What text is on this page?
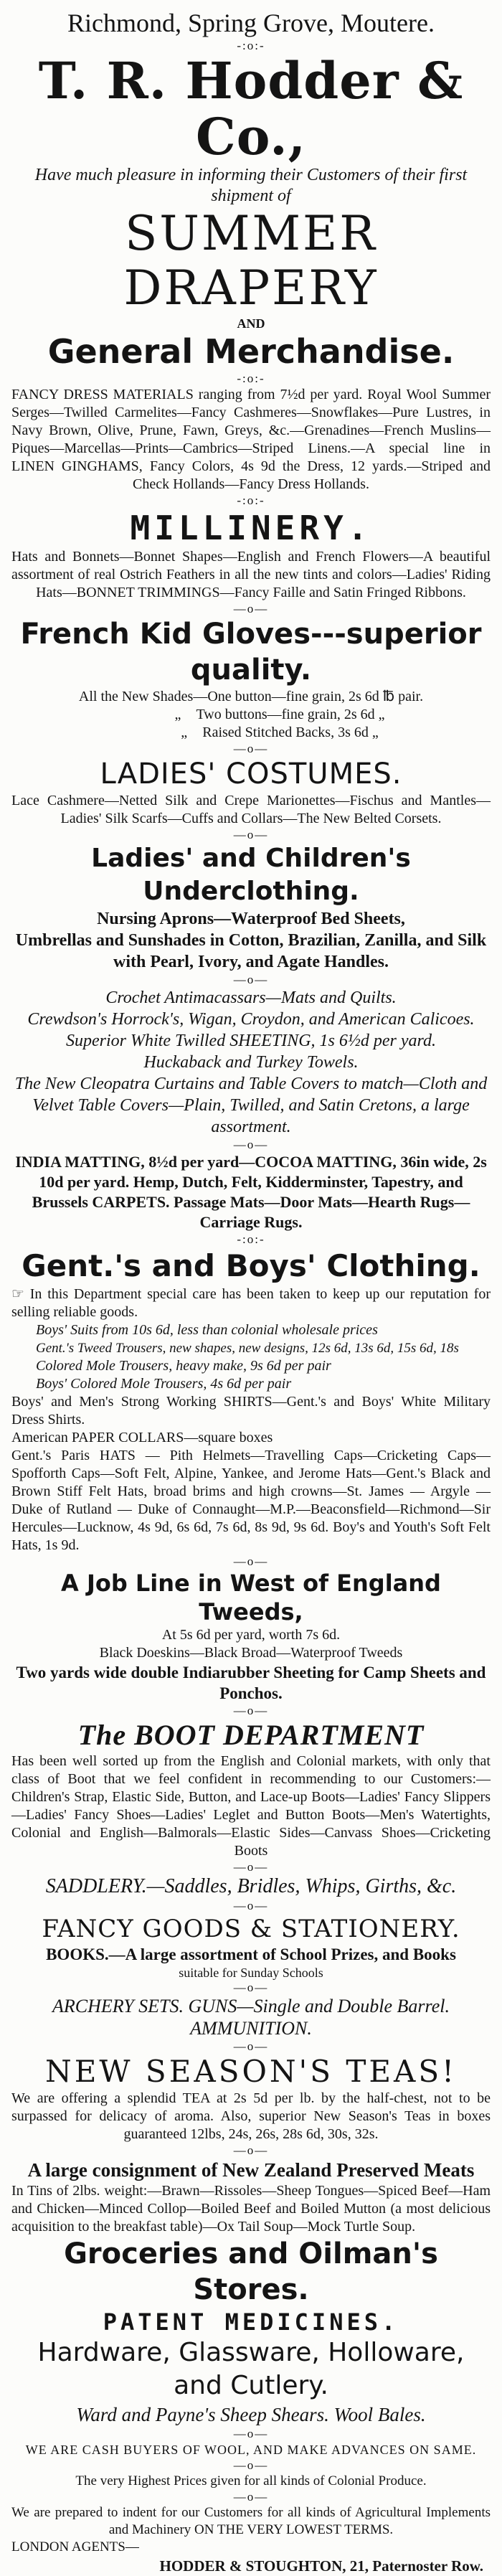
Richmond, Spring Grove, Moutere.
-:o:-
T. R. Hodder & Co.,
Have much pleasure in informing their Customers of their first shipment of
SUMMER DRAPERY
AND
General Merchandise.
-:o:-
FANCY DRESS MATERIALS ranging from 7½d per yard. Royal Wool Summer Serges—Twilled Carmelites—Fancy Cashmeres—Snowflakes—Pure Lustres, in Navy Brown, Olive, Prune, Fawn, Greys, &c.—Grenadines—French Muslins—Piques—Marcellas—Prints—Cambrics—Striped Linens.—A special line in LINEN GINGHAMS, Fancy Colors, 4s 9d the Dress, 12 yards.—Striped and Check Hollands—Fancy Dress Hollands.
-:o:-
MILLINERY.
Hats and Bonnets—Bonnet Shapes—English and French Flowers—A beautiful assortment of real Ostrich Feathers in all the new tints and colors—Ladies' Riding Hats—BONNET TRIMMINGS—Fancy Faille and Satin Fringed Ribbons.
—o—
French Kid Gloves---superior quality.
All the New Shades—One button—fine grain, 2s 6d ℔ pair.
„	Two buttons—fine grain, 2s 6d „
„	Raised Stitched Backs, 3s 6d „
—o—
LADIES' COSTUMES.
Lace Cashmere—Netted Silk and Crepe Marionettes—Fischus and Mantles—Ladies' Silk Scarfs—Cuffs and Collars—The New Belted Corsets.
—o—
Ladies' and Children's Underclothing.
Nursing Aprons—Waterproof Bed Sheets,
Umbrellas and Sunshades in Cotton, Brazilian, Zanilla, and Silk with Pearl, Ivory, and Agate Handles.
—o—
Crochet Antimacassars—Mats and Quilts.
Crewdson's Horrock's, Wigan, Croydon, and American Calicoes.
Superior White Twilled SHEETING, 1s 6½d per yard.
Huckaback and Turkey Towels.
The New Cleopatra Curtains and Table Covers to match—Cloth and Velvet Table Covers—Plain, Twilled, and Satin Cretons, a large assortment.
—o—
INDIA MATTING, 8½d per yard—COCOA MATTING, 36in wide, 2s 10d per yard. Hemp, Dutch, Felt, Kidderminster, Tapestry, and Brussels CARPETS. Passage Mats—Door Mats—Hearth Rugs—Carriage Rugs.
-:o:-
Gent.'s and Boys' Clothing.
☞ In this Department special care has been taken to keep up our reputation for selling reliable goods.
Boys' Suits from 10s 6d, less than colonial wholesale prices
Gent.'s Tweed Trousers, new shapes, new designs, 12s 6d, 13s 6d, 15s 6d, 18s
Colored Mole Trousers, heavy make, 9s 6d per pair
Boys' Colored Mole Trousers, 4s 6d per pair
Boys' and Men's Strong Working SHIRTS—Gent.'s and Boys' White Military Dress Shirts.
American PAPER COLLARS—square boxes
Gent.'s Paris HATS — Pith Helmets—Travelling Caps—Cricketing Caps—Spofforth Caps—Soft Felt, Alpine, Yankee, and Jerome Hats—Gent.'s Black and Brown Stiff Felt Hats, broad brims and high crowns—St. James — Argyle — Duke of Rutland — Duke of Connaught—M.P.—Beaconsfield—Richmond—Sir Hercules—Lucknow, 4s 9d, 6s 6d, 7s 6d, 8s 9d, 9s 6d. Boy's and Youth's Soft Felt Hats, 1s 9d.
—o—
A Job Line in West of England Tweeds,
At 5s 6d per yard, worth 7s 6d.
Black Doeskins—Black Broad—Waterproof Tweeds
Two yards wide double Indiarubber Sheeting for Camp Sheets and Ponchos.
—o—
The BOOT DEPARTMENT
Has been well sorted up from the English and Colonial markets, with only that class of Boot that we feel confident in recommending to our Customers:—Children's Strap, Elastic Side, Button, and Lace-up Boots—Ladies' Fancy Slippers—Ladies' Fancy Shoes—Ladies' Leglet and Button Boots—Men's Watertights, Colonial and English—Balmorals—Elastic Sides—Canvass Shoes—Cricketing Boots
—o—
SADDLERY.—Saddles, Bridles, Whips, Girths, &c.
—o—
FANCY GOODS & STATIONERY.
BOOKS.—A large assortment of School Prizes, and Books
suitable for Sunday Schools
—o—
ARCHERY SETS. GUNS—Single and Double Barrel.
AMMUNITION.
—o—
NEW SEASON'S TEAS!
We are offering a splendid TEA at 2s 5d per lb. by the half-chest, not to be surpassed for delicacy of aroma. Also, superior New Season's Teas in boxes guaranteed 12lbs, 24s, 26s, 28s 6d, 30s, 32s.
—o—
A large consignment of New Zealand Preserved Meats
In Tins of 2lbs. weight:—Brawn—Rissoles—Sheep Tongues—Spiced Beef—Ham and Chicken—Minced Collop—Boiled Beef and Boiled Mutton (a most delicious acquisition to the breakfast table)—Ox Tail Soup—Mock Turtle Soup.
Groceries and Oilman's Stores.
PATENT MEDICINES.
Hardware, Glassware, Holloware, and Cutlery.
Ward and Payne's Sheep Shears. Wool Bales.
—o—
WE ARE CASH BUYERS OF WOOL, AND MAKE ADVANCES ON SAME.
—o—
The very Highest Prices given for all kinds of Colonial Produce.
—o—
We are prepared to indent for our Customers for all kinds of Agricultural Implements and Machinery ON THE VERY LOWEST TERMS.
LONDON AGENTS—
HODDER & STOUGHTON, 21, Paternoster Row.
